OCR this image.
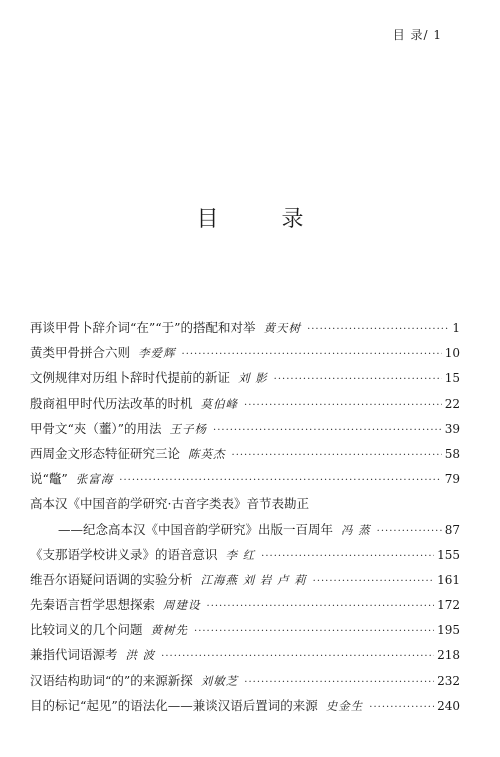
目 录/ 1
目 录
再谈甲骨卜辞介词“在”“于”的搭配和对举 黄天树 ·····	1
黄类甲骨拼合六则 李爱辉 ·····	10
文例规律对历组卜辞时代提前的新证 刘 影 ·····	15
殷商祖甲时代历法改革的时机 莫伯峰 ·····	22
甲骨文“㚒（虀）”的用法 王子杨 ·····	39
西周金文形态特征研究三论 陈英杰 ·····	58
说“鼈” 张富海 ·····	79
高本汉《中国音韵学研究·古音字类表》音节表勘正
——纪念高本汉《中国音韵学研究》出版一百周年 冯 蒸 ·····	87
《支那语学校讲义录》的语音意识 李 红 ·····	155
维吾尔语疑问语调的实验分析 江海燕 刘 岩 卢 莉 ·····	161
先秦语言哲学思想探索 周建设 ·····	172
比较词义的几个问题 黄树先 ·····	195
兼指代词语源考 洪 波 ·····	218
汉语结构助词“的”的来源新探 刘敏芝 ·····	232
目的标记“起见”的语法化——兼谈汉语后置词的来源 史金生 ·····	240
